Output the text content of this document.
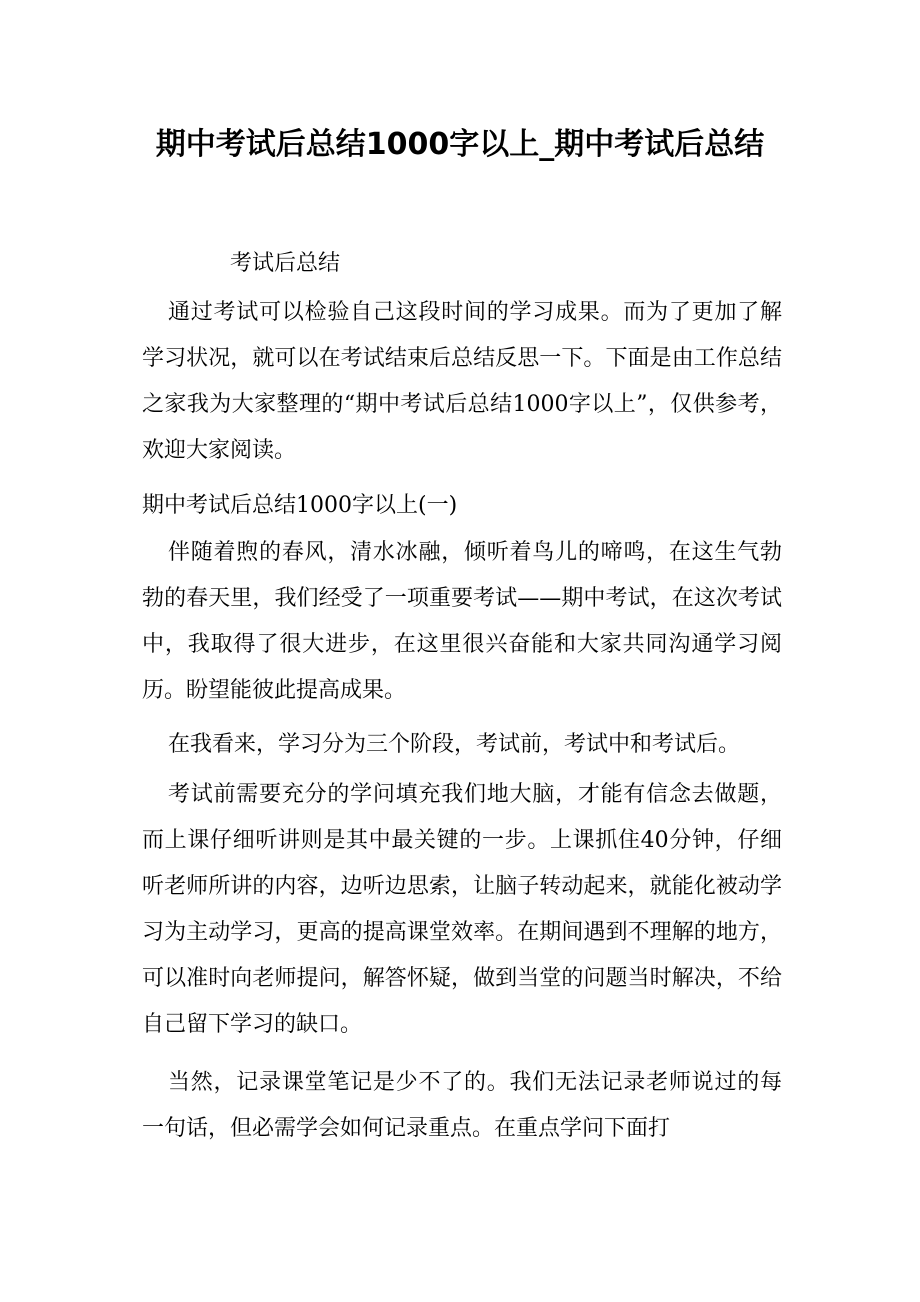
期中考试后总结1000字以上_期中考试后总结

考试后总结

通过考试可以检验自己这段时间的学习成果。而为了更加了解学习状况，就可以在考试结束后总结反思一下。下面是由工作总结之家我为大家整理的“期中考试后总结1000字以上”，仅供参考，欢迎大家阅读。

期中考试后总结1000字以上(一)

伴随着煦的春风，清水冰融，倾听着鸟儿的啼鸣，在这生气勃勃的春天里，我们经受了一项重要考试——期中考试，在这次考试中，我取得了很大进步，在这里很兴奋能和大家共同沟通学习阅历。盼望能彼此提高成果。

在我看来，学习分为三个阶段，考试前，考试中和考试后。

考试前需要充分的学问填充我们地大脑，才能有信念去做题，而上课仔细听讲则是其中最关键的一步。上课抓住40分钟，仔细听老师所讲的内容，边听边思索，让脑子转动起来，就能化被动学习为主动学习，更高的提高课堂效率。在期间遇到不理解的地方，可以准时向老师提问，解答怀疑，做到当堂的问题当时解决，不给自己留下学习的缺口。

当然，记录课堂笔记是少不了的。我们无法记录老师说过的每一句话，但必需学会如何记录重点。在重点学问下面打
